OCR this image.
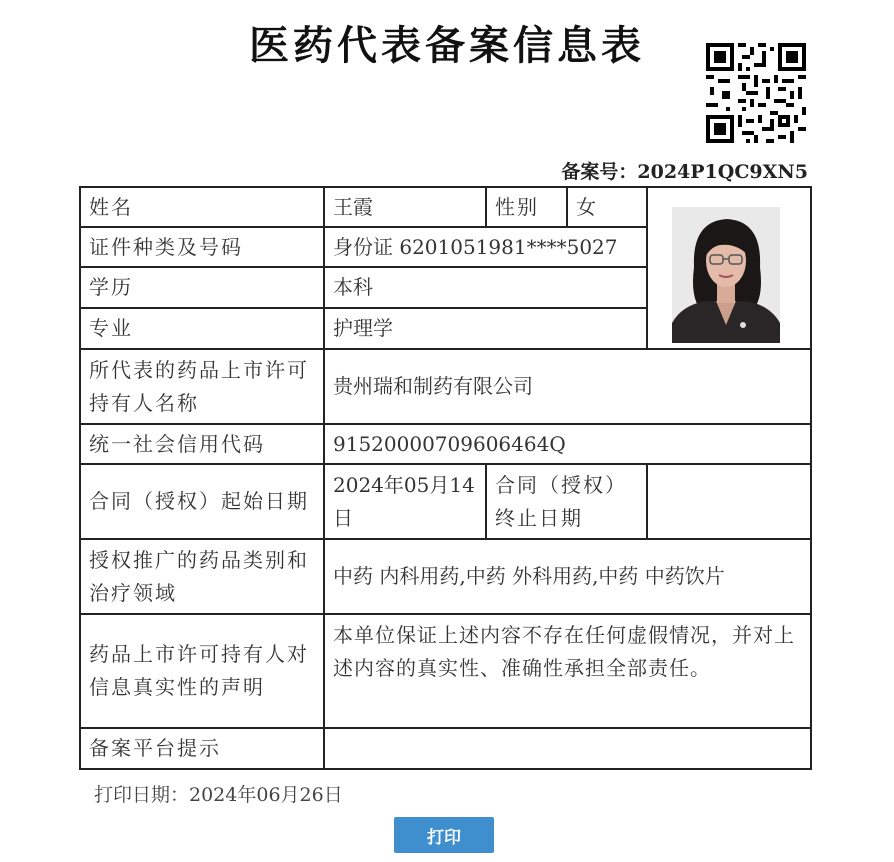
医药代表备案信息表
备案号：2024P1QC9XN5
姓名	王霞	性别	女	

证件种类及号码	身份证 6201051981****5027			
学历	本科			
专业	护理学			
所代表的药品上市许可持有人名称	贵州瑞和制药有限公司			
统一社会信用代码	91520000709606464Q			
合同（授权）起始日期	2024年05月14日	合同（授权）终止日期		
授权推广的药品类别和治疗领域	中药 内科用药,中药 外科用药,中药 中药饮片			
药品上市许可持有人对信息真实性的声明	本单位保证上述内容不存在任何虚假情况，并对上述内容的真实性、准确性承担全部责任。			
备案平台提示				
打印日期：2024年06月26日
打印
